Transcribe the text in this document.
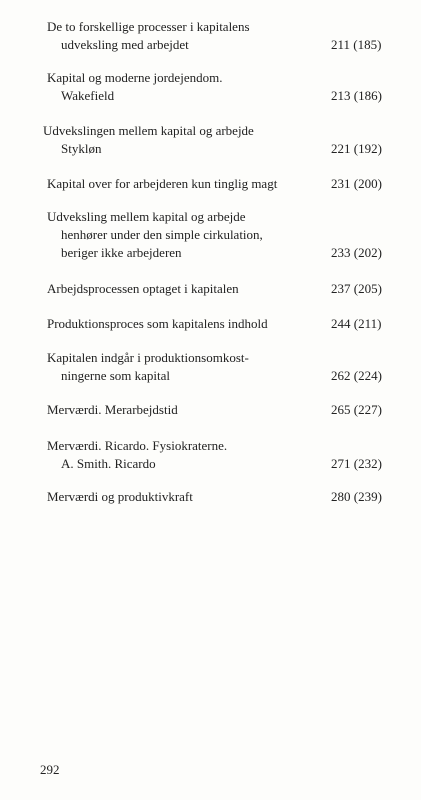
De to forskellige processer i kapitalens
udveksling med arbejdet	211 (185)
Kapital og moderne jordejendom.
Wakefield	213 (186)
Udvekslingen mellem kapital og arbejde
Stykløn	221 (192)
Kapital over for arbejderen kun tinglig magt	231 (200)
Udveksling mellem kapital og arbejde
henhører under den simple cirkulation,
beriger ikke arbejderen	233 (202)
Arbejdsprocessen optaget i kapitalen	237 (205)
Produktionsproces som kapitalens indhold	244 (211)
Kapitalen indgår i produktionsomkost-
ningerne som kapital	262 (224)
Merværdi. Merarbejdstid	265 (227)
Merværdi. Ricardo. Fysiokraterne.
A. Smith. Ricardo	271 (232)
Merværdi og produktivkraft	280 (239)
292
